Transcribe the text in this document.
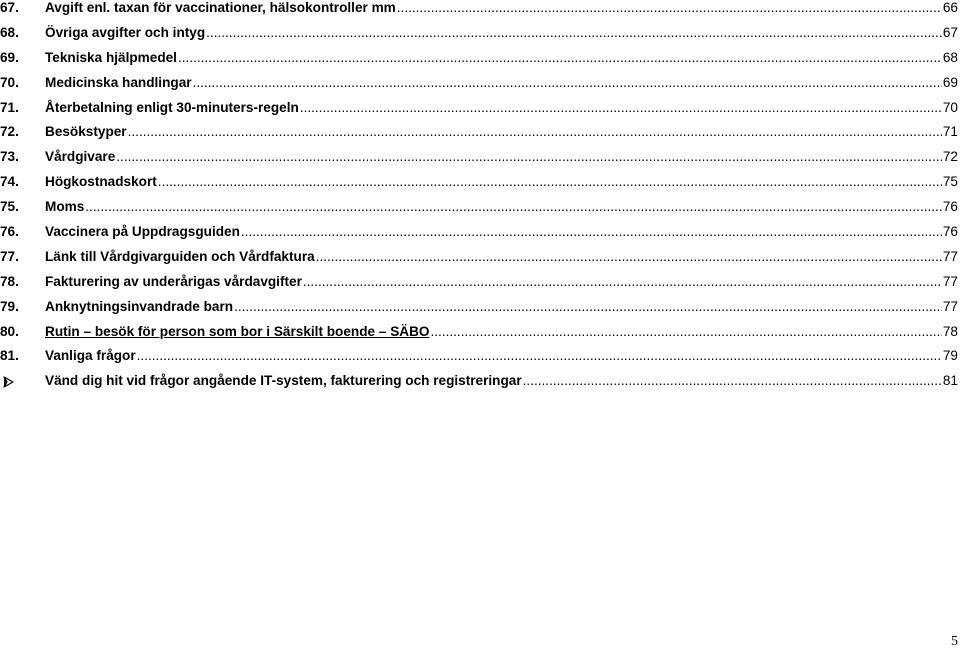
67.	Avgift enl. taxan för vaccinationer, hälsokontroller mm .....	66
68.	Övriga avgifter och intyg .....	67
69.	Tekniska hjälpmedel .....	68
70.	Medicinska handlingar .....	69
71.	Återbetalning enligt 30-minuters-regeln .....	70
72.	Besökstyper .....	71
73.	Vårdgivare .....	72
74.	Högkostnadskort .....	75
75.	Moms .....	76
76.	Vaccinera på Uppdragsguiden .....	76
77.	Länk till Vårdgivarguiden och Vårdfaktura .....	77
78.	Fakturering av underårigas vårdavgifter .....	77
79.	Anknytningsinvandrade barn .....	77
80.	Rutin – besök för person som bor i Särskilt boende – SÄBO .....	78
81.	Vanliga frågor .....	79
Vänd dig hit vid frågor angående IT-system, fakturering och registreringar .....	81
5
